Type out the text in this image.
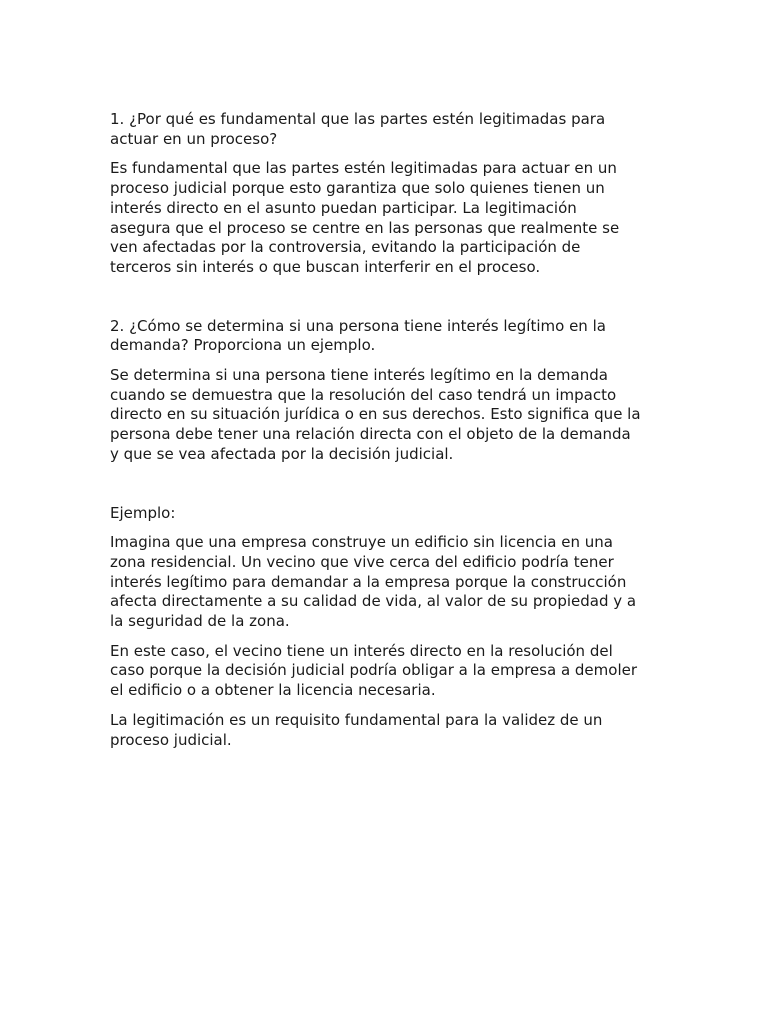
1. ¿Por qué es fundamental que las partes estén legitimadas para
actuar en un proceso?

Es fundamental que las partes estén legitimadas para actuar en un
proceso judicial porque esto garantiza que solo quienes tienen un
interés directo en el asunto puedan participar. La legitimación
asegura que el proceso se centre en las personas que realmente se
ven afectadas por la controversia, evitando la participación de
terceros sin interés o que buscan interferir en el proceso.

2. ¿Cómo se determina si una persona tiene interés legítimo en la
demanda? Proporciona un ejemplo.

Se determina si una persona tiene interés legítimo en la demanda
cuando se demuestra que la resolución del caso tendrá un impacto
directo en su situación jurídica o en sus derechos. Esto significa que la
persona debe tener una relación directa con el objeto de la demanda
y que se vea afectada por la decisión judicial.

Ejemplo:

Imagina que una empresa construye un edificio sin licencia en una
zona residencial. Un vecino que vive cerca del edificio podría tener
interés legítimo para demandar a la empresa porque la construcción
afecta directamente a su calidad de vida, al valor de su propiedad y a
la seguridad de la zona.

En este caso, el vecino tiene un interés directo en la resolución del
caso porque la decisión judicial podría obligar a la empresa a demoler
el edificio o a obtener la licencia necesaria.

La legitimación es un requisito fundamental para la validez de un
proceso judicial.
